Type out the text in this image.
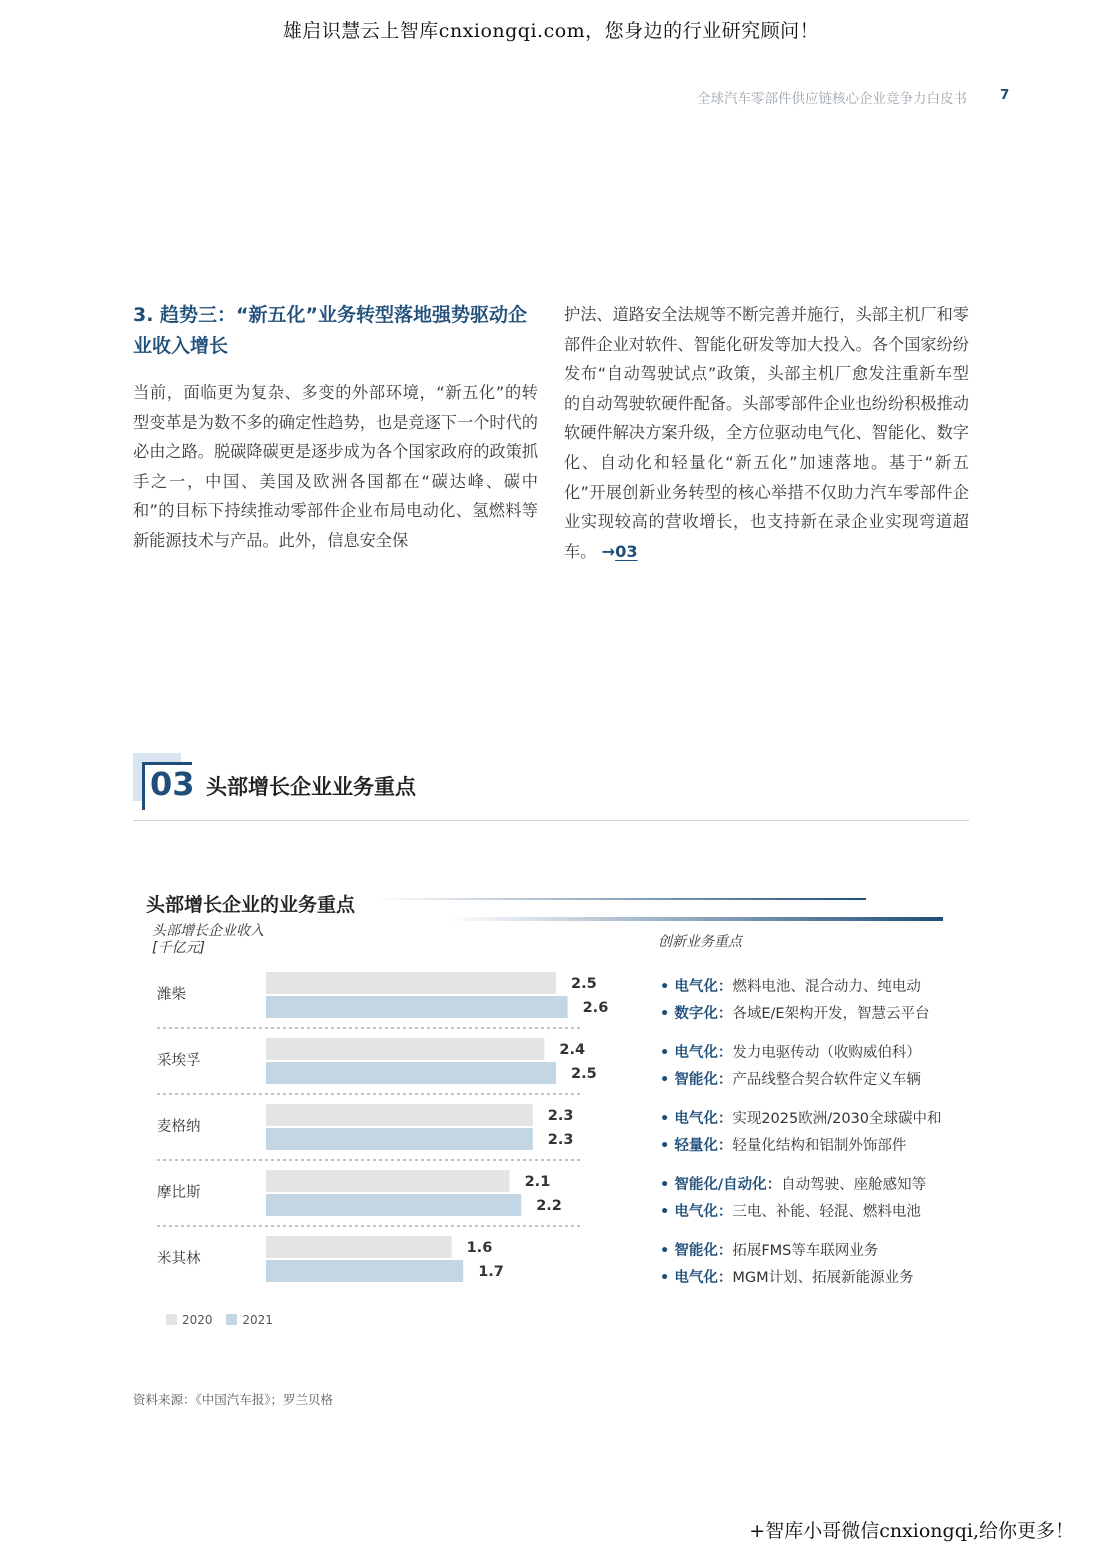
雄启识慧云上智库cnxiongqi.com，您身边的行业研究顾问！
全球汽车零部件供应链核心企业竞争力白皮书 7
3. 趋势三：“新五化”业务转型落地强势驱动企业收入增长
当前，面临更为复杂、多变的外部环境，“新五化”的转型变革是为数不多的确定性趋势，也是竞逐下一个时代的必由之路。脱碳降碳更是逐步成为各个国家政府的政策抓手之一，中国、美国及欧洲各国都在“碳达峰、碳中和”的目标下持续推动零部件企业布局电动化、氢燃料等新能源技术与产品。此外，信息安全保
护法、道路安全法规等不断完善并施行，头部主机厂和零部件企业对软件、智能化研发等加大投入。各个国家纷纷发布“自动驾驶试点”政策，头部主机厂愈发注重新车型的自动驾驶软硬件配备。头部零部件企业也纷纷积极推动软硬件解决方案升级，全方位驱动电气化、智能化、数字化、自动化和轻量化“新五化”加速落地。基于“新五化”开展创新业务转型的核心举措不仅助力汽车零部件企业实现较高的营收增长，也支持新在录企业实现弯道超车。 →03
03 头部增长企业业务重点
头部增长企业的业务重点
头部增长企业收入
[千亿元]	创新业务重点
潍柴
2.5
2.6
采埃孚
2.4
2.5
麦格纳
2.3
2.3
摩比斯
2.1
2.2
米其林
1.6
1.7
2020 2021
• 电气化：燃料电池、混合动力、纯电动
• 数字化：各域E/E架构开发，智慧云平台
• 电气化：发力电驱传动（收购威伯科）
• 智能化：产品线整合契合软件定义车辆
• 电气化：实现2025欧洲/2030全球碳中和
• 轻量化：轻量化结构和铝制外饰部件
• 智能化/自动化：自动驾驶、座舱感知等
• 电气化：三电、补能、轻混、燃料电池
• 智能化：拓展FMS等车联网业务
• 电气化：MGM计划、拓展新能源业务
资料来源：《中国汽车报》；罗兰贝格
+智库小哥微信cnxiongqi,给你更多！
